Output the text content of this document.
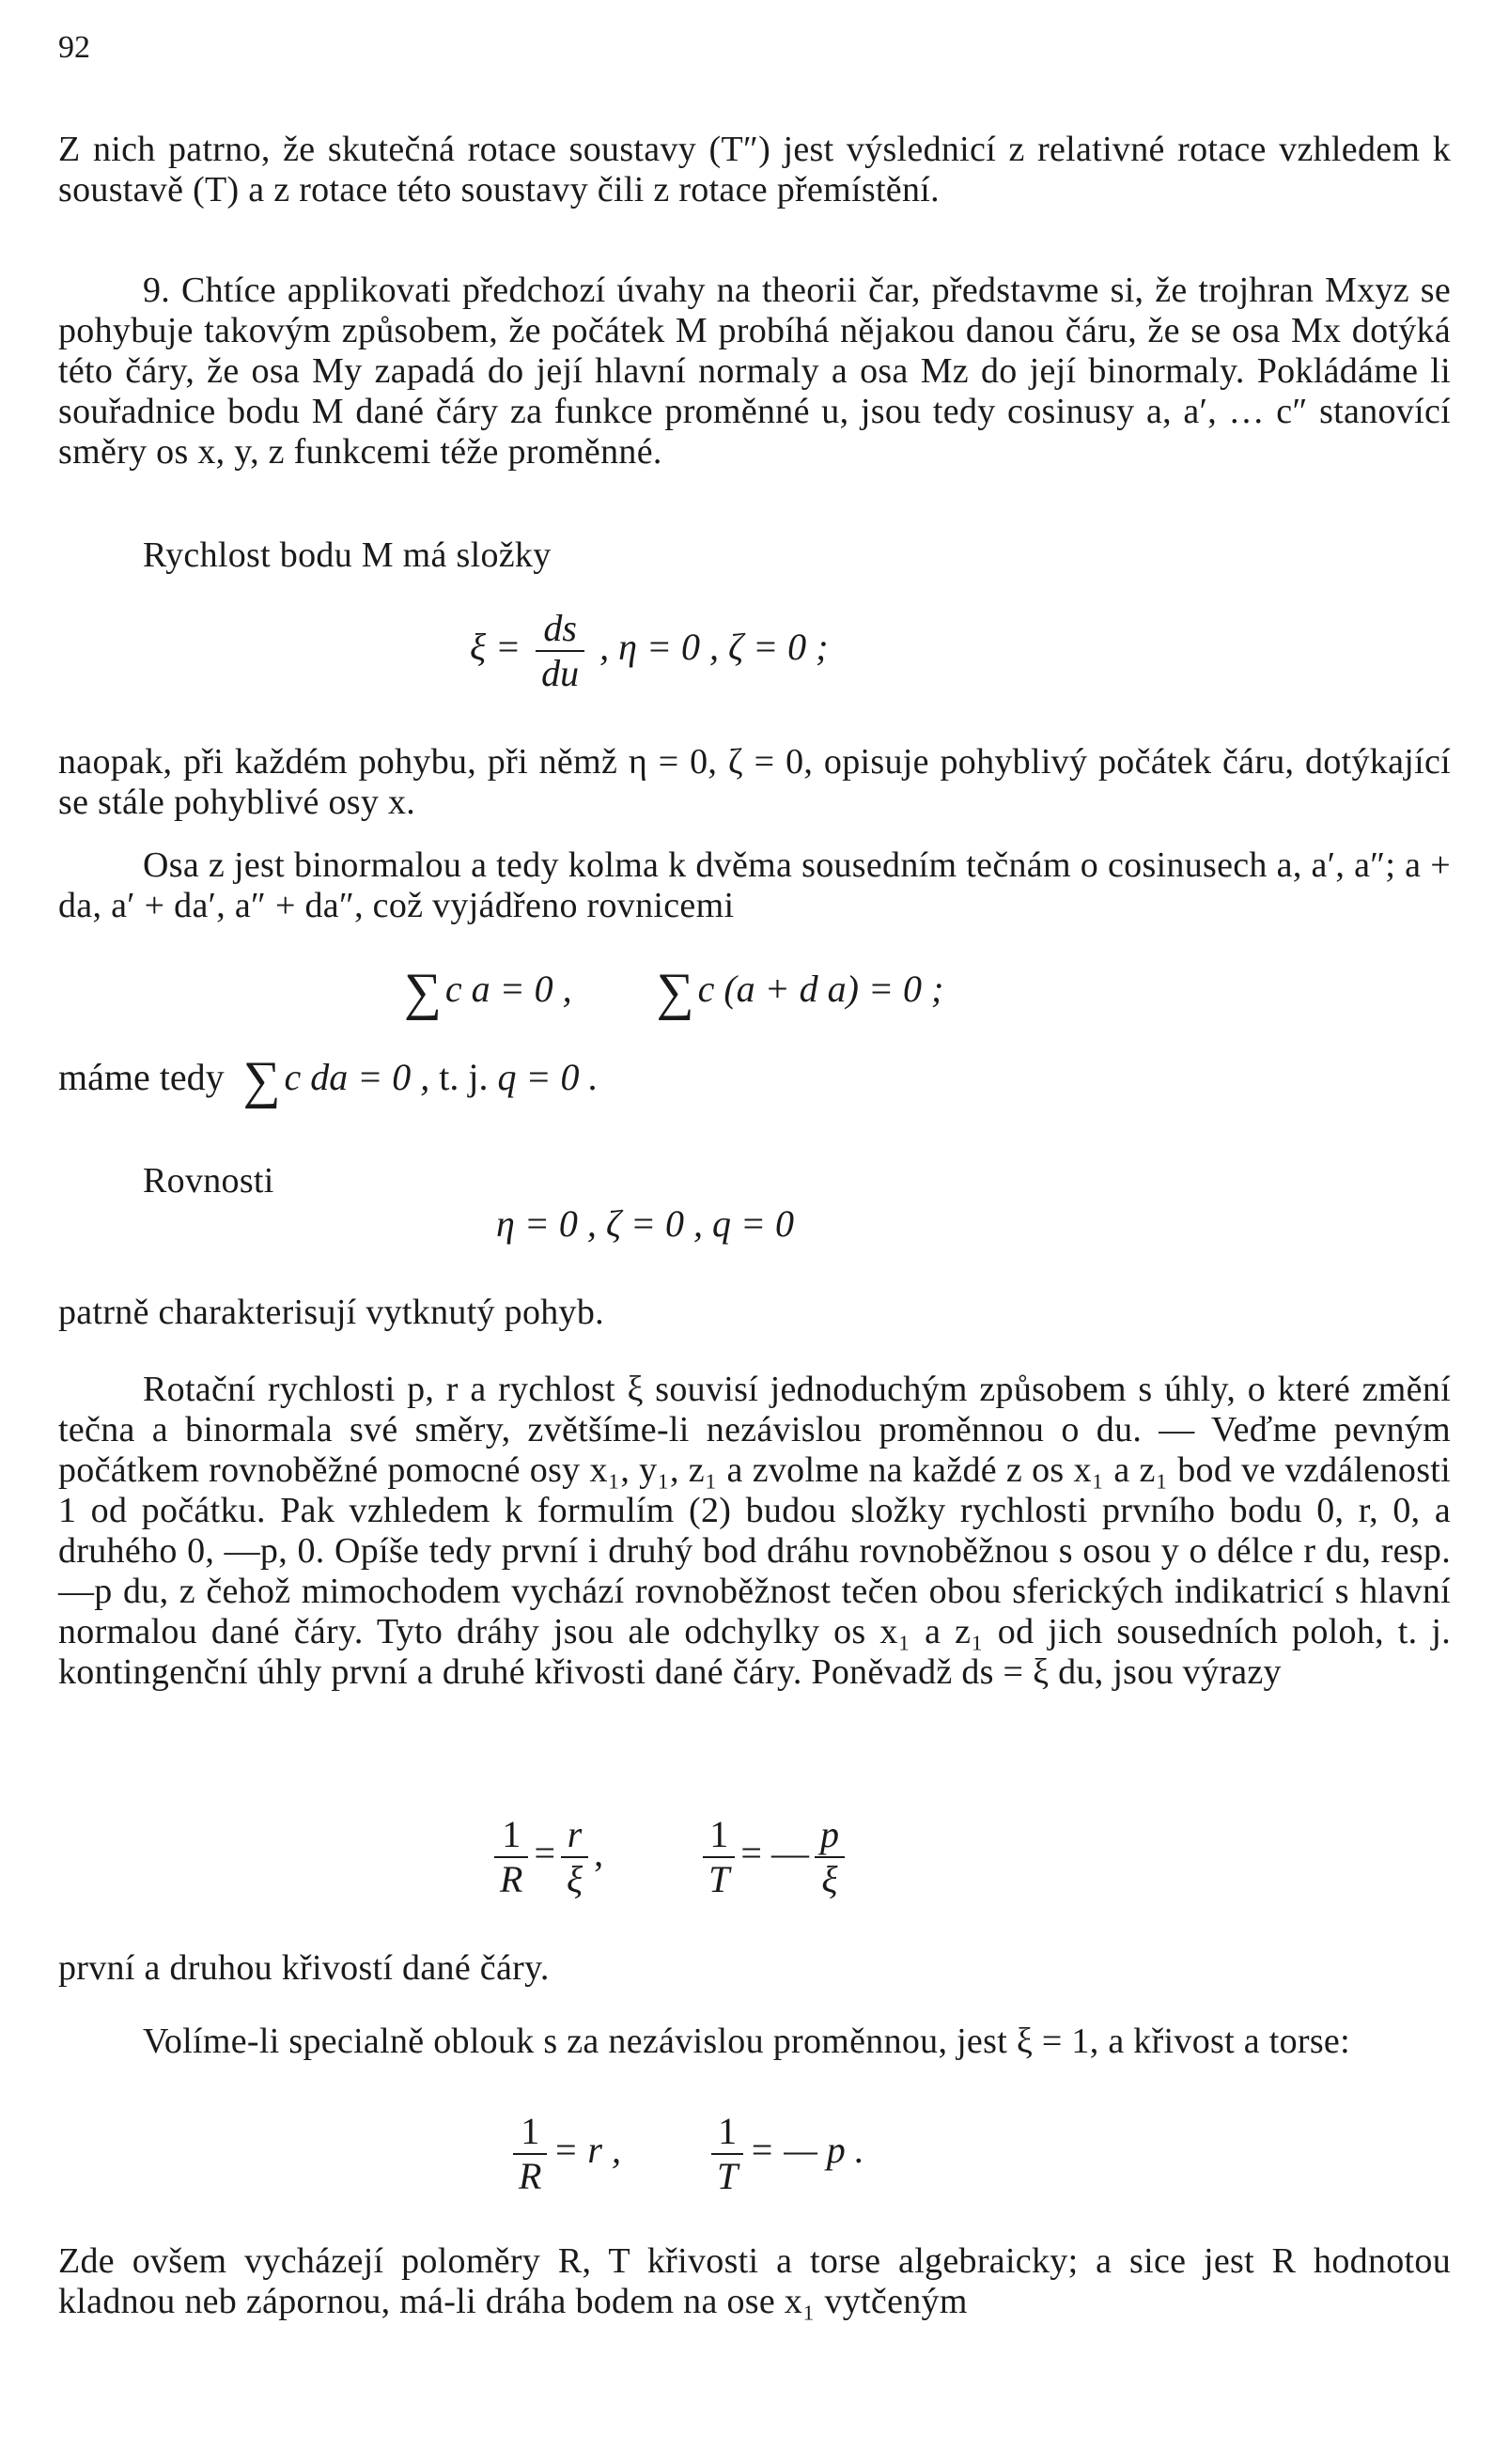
92
Z nich patrno, že skutečná rotace soustavy (T″) jest výslednicí z relativné rotace vzhledem k soustavě (T) a z rotace této soustavy čili z rotace přemístění.
9. Chtíce applikovati předchozí úvahy na theorii čar, představme si, že trojhran Mxyz se pohybuje takovým způsobem, že počátek M probíhá nějakou danou čáru, že se osa Mx dotýká této čáry, že osa My zapadá do její hlavní normaly a osa Mz do její binormaly. Pokládáme li souřadnice bodu M dané čáry za funkce proměnné u, jsou tedy cosinusy a, a′, … c″ stanovící směry os x, y, z funkcemi téže proměnné.
Rychlost bodu M má složky
$\xi = \frac{ds}{du}$ , η = 0 , ζ = 0 ;
naopak, při každém pohybu, při němž η = 0, ζ = 0, opisuje pohyblivý počátek čáru, dotýkající se stále pohyblivé osy x.
Osa z jest binormalou a tedy kolma k dvěma sousedním tečnám o cosinusech a, a′, a″; a + da, a′ + da′, a″ + da″, což vyjádřeno rovnicemi
∑ c a = 0 , ∑ c (a + d a) = 0 ;
máme tedy ∑ c da = 0 , t. j. q = 0 .
Rovnosti
η = 0 , ζ = 0 , q = 0
patrně charakterisují vytknutý pohyb.
Rotační rychlosti p, r a rychlost ξ souvisí jednoduchým způsobem s úhly, o které změní tečna a binormala své směry, zvětšíme-li nezávislou proměnnou o du. — Veďme pevným počátkem rovnoběžné pomocné osy x₁, y₁, z₁ a zvolme na každé z os x₁ a z₁ bod ve vzdálenosti 1 od počátku. Pak vzhledem k formulím (2) budou složky rychlosti prvního bodu 0, r, 0, a druhého 0, —p, 0. Opíše tedy první i druhý bod dráhu rovnoběžnou s osou y o délce r du, resp. —p du, z čehož mimochodem vychází rovnoběžnost tečen obou sferických indikatricí s hlavní normalou dané čáry. Tyto dráhy jsou ale odchylky os x₁ a z₁ od jich sousedních poloh, t. j. kontingenční úhly první a druhé křivosti dané čáry. Poněvadž ds = ξ du, jsou výrazy
$\frac{1}{R} = \frac{r}{\xi}$ ,	$\frac{1}{T}$ = — $\frac{p}{\xi}$
první a druhou křivostí dané čáry.
Volíme-li specialně oblouk s za nezávislou proměnnou, jest ξ = 1, a křivost a torse:
$\frac{1}{R} = r$ , $\frac{1}{T}$ = — p .
Zde ovšem vycházejí poloměry R, T křivosti a torse algebraicky; a sice jest R hodnotou kladnou neb zápornou, má-li dráha bodem na ose x₁ vytčeným
